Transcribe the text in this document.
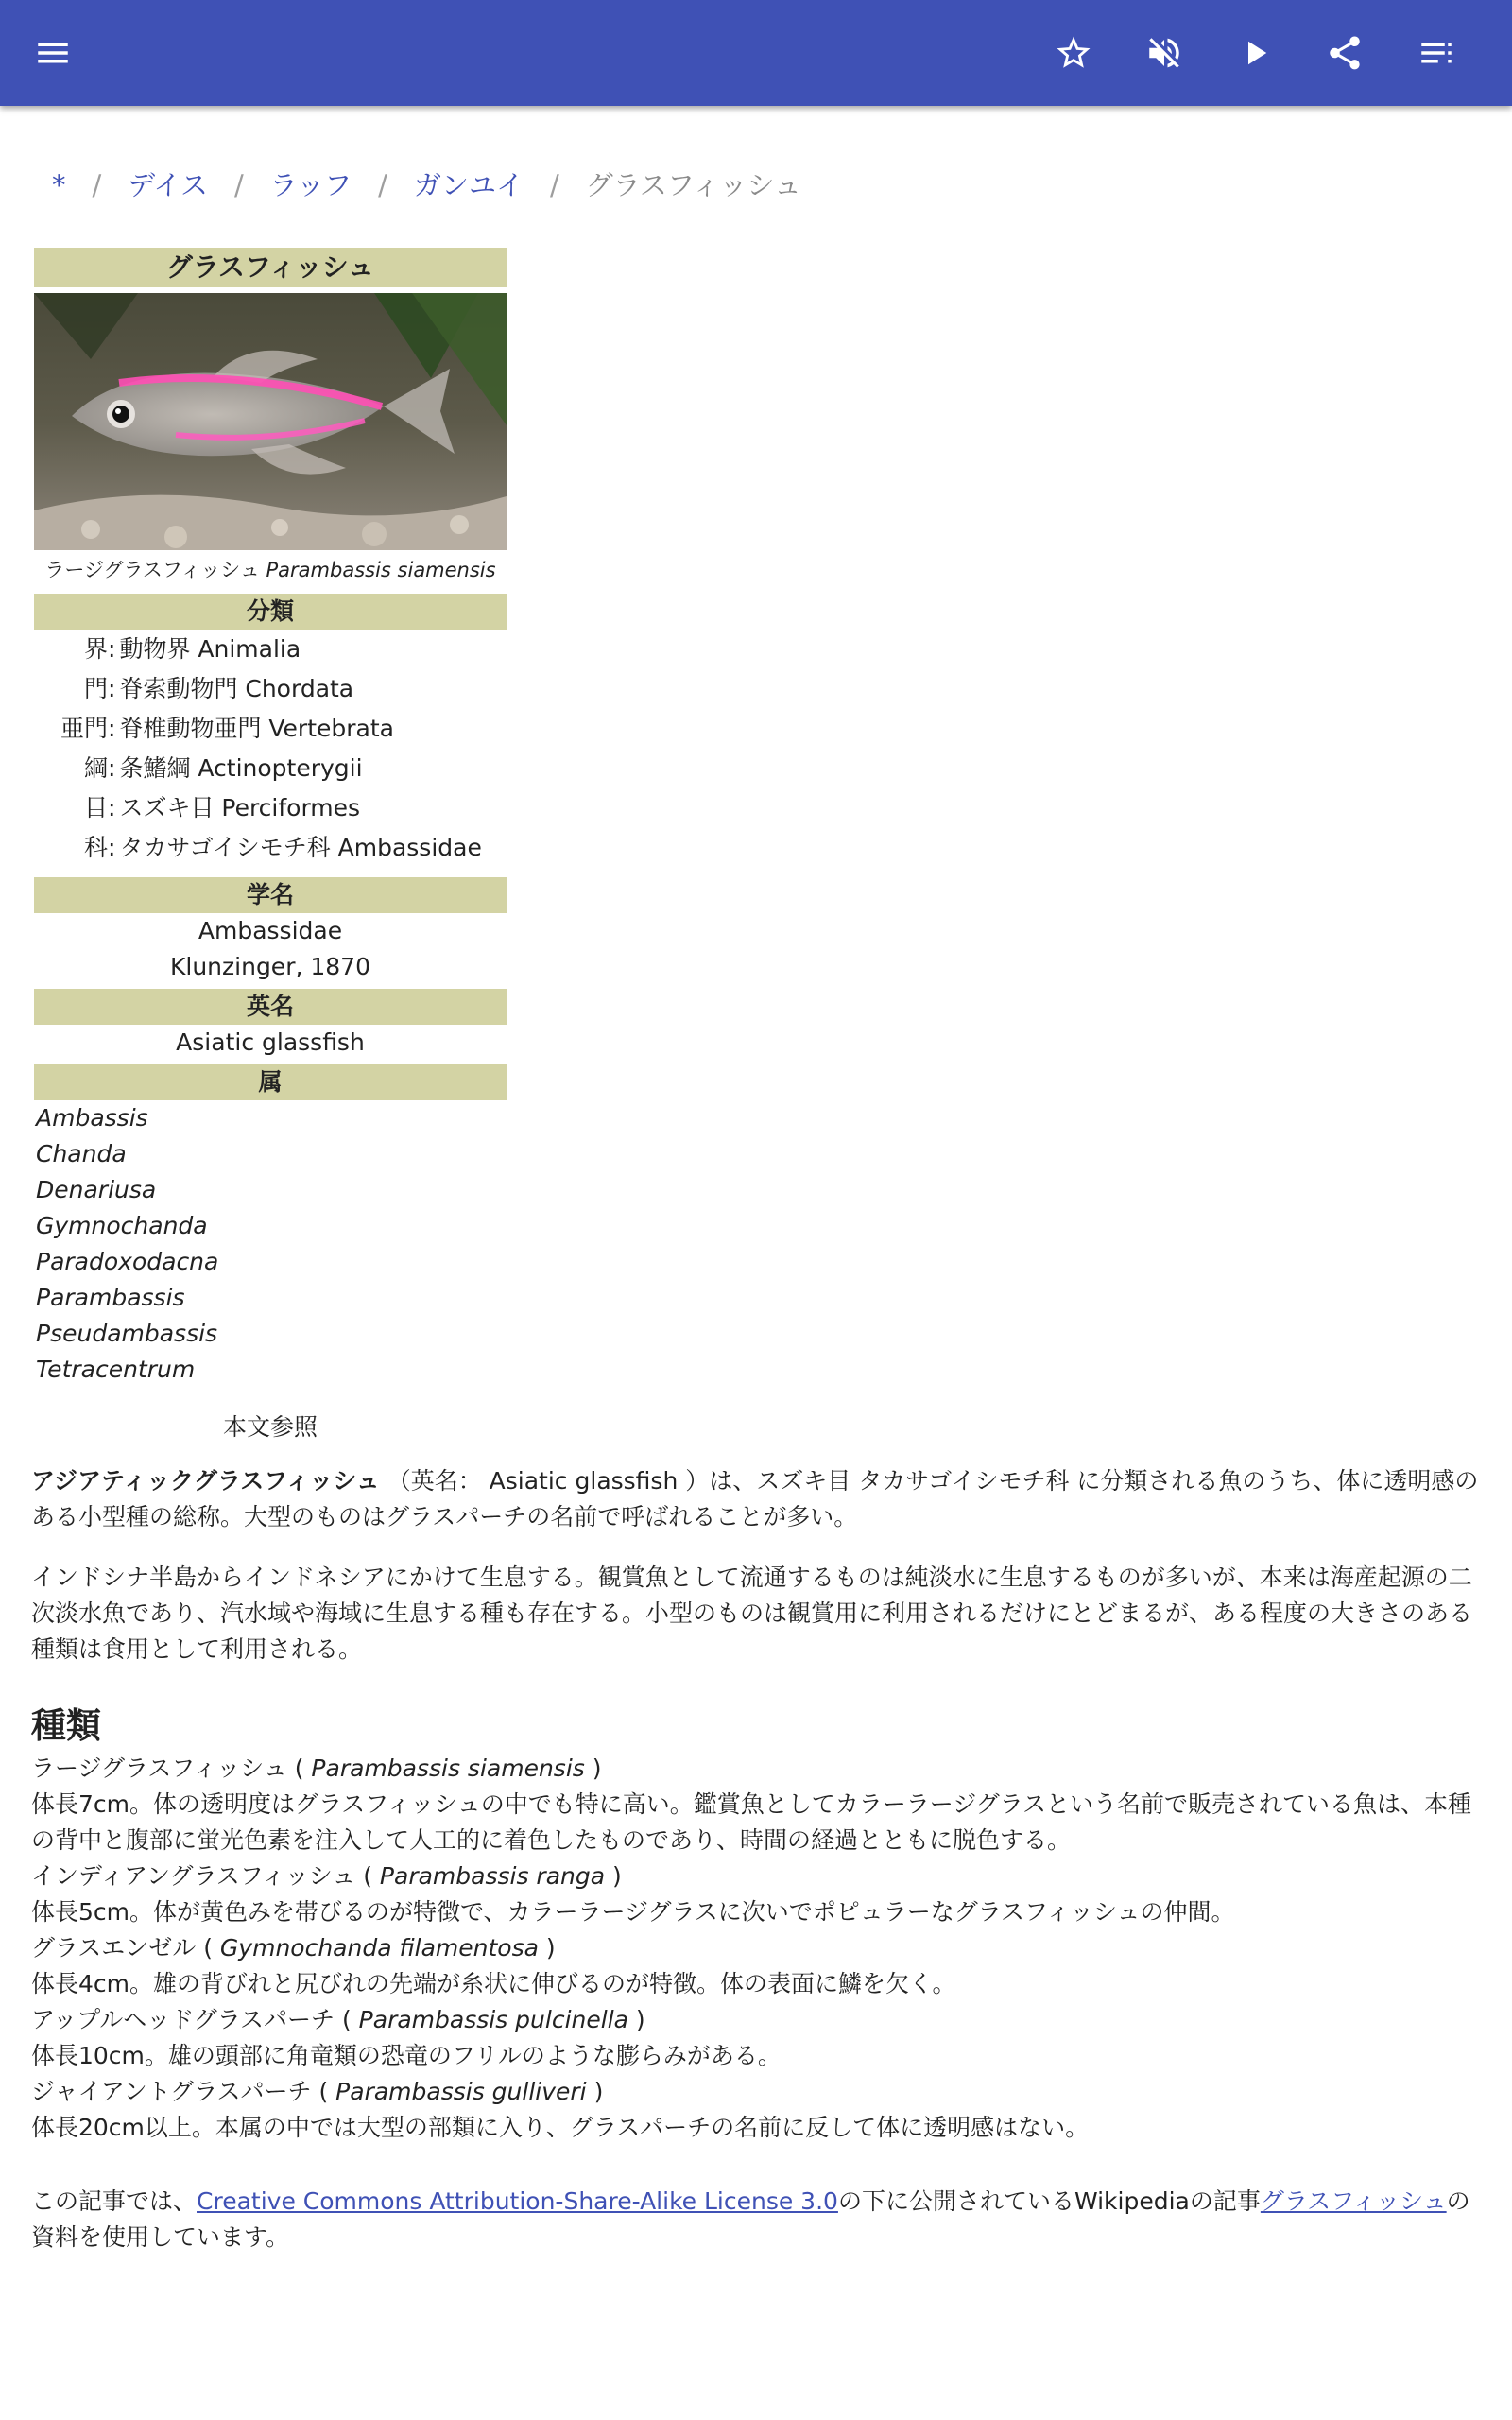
* / デイス / ラッフ / ガンユイ / グラスフィッシュ
グラスフィッシュ
ラージグラスフィッシュ Parambassis siamensis
分類
界: 動物界 Animalia
門: 脊索動物門 Chordata
亜門: 脊椎動物亜門 Vertebrata
綱: 条鰭綱 Actinopterygii
目: スズキ目 Perciformes
科: タカサゴイシモチ科 Ambassidae
学名
Ambassidae
Klunzinger, 1870
英名
Asiatic glassfish
属
Ambassis
Chanda
Denariusa
Gymnochanda
Paradoxodacna
Parambassis
Pseudambassis
Tetracentrum
本文参照

アジアティックグラスフィッシュ （英名： Asiatic glassfish ）は、スズキ目 タカサゴイシモチ科 に分類される魚のうち、体に透明感のある小型種の総称。大型のものはグラスパーチの名前で呼ばれることが多い。

インドシナ半島からインドネシアにかけて生息する。観賞魚として流通するものは純淡水に生息するものが多いが、本来は海産起源の二次淡水魚であり、汽水域や海域に生息する種も存在する。小型のものは観賞用に利用されるだけにとどまるが、ある程度の大きさのある種類は食用として利用される。

種類

ラージグラスフィッシュ ( Parambassis siamensis )

体長7cm。体の透明度はグラスフィッシュの中でも特に高い。鑑賞魚としてカラーラージグラスという名前で販売されている魚は、本種の背中と腹部に蛍光色素を注入して人工的に着色したものであり、時間の経過とともに脱色する。

インディアングラスフィッシュ ( Parambassis ranga )

体長5cm。体が黄色みを帯びるのが特徴で、カラーラージグラスに次いでポピュラーなグラスフィッシュの仲間。

グラスエンゼル ( Gymnochanda filamentosa )

体長4cm。雄の背びれと尻びれの先端が糸状に伸びるのが特徴。体の表面に鱗を欠く。

アップルヘッドグラスパーチ ( Parambassis pulcinella )

体長10cm。雄の頭部に角竜類の恐竜のフリルのような膨らみがある。

ジャイアントグラスパーチ ( Parambassis gulliveri )

体長20cm以上。本属の中では大型の部類に入り、グラスパーチの名前に反して体に透明感はない。

この記事では、Creative Commons Attribution-Share-Alike License 3.0の下に公開されているWikipediaの記事グラスフィッシュの資料を使用しています。
